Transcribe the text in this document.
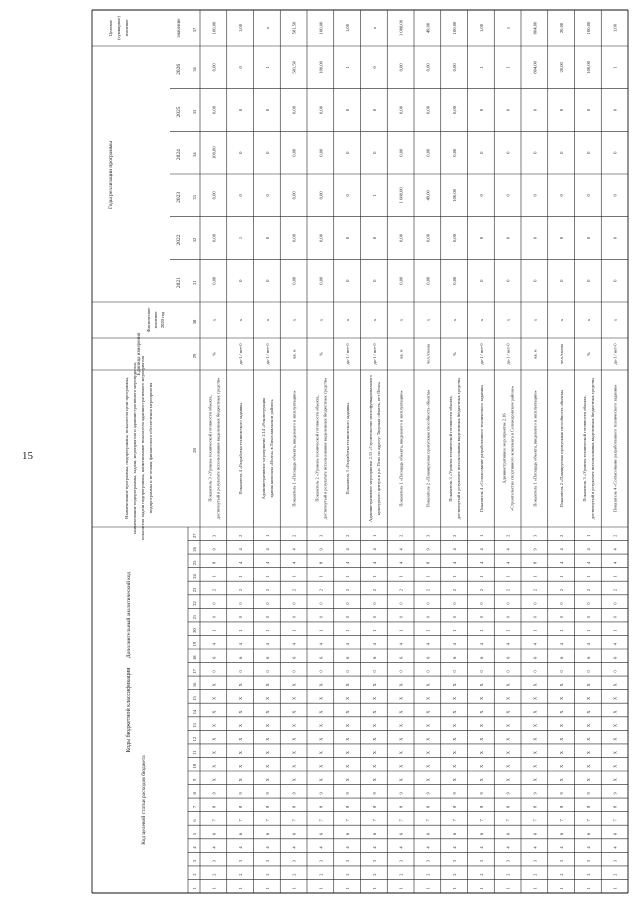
15
Коды бюджетной классификации
Код целевой статьи расходов бюджета
Дополнительный аналитический код
Наименование программы, подпрограммы, показателя цели программы, наименование подпрограммы, задачи, мероприятия и административного мероприятия, показателя задачи подпрограммы, наименование показателя административного мероприятия подпрограммы и источник финансового обеспечения мероприятия
Единица измерения
Фактическое значение 2020 год
Годы реализации программы
2021
2022
2023
2024
2025
2026
Целевое (суммарное) значение	значение
1
2
3
4
5
6
7
8
9
10
11
12
13
14
15
16
17
18
19
20
21
22
23
24
25
26
27
28
29
30
31
32
33
34
35
36
37
Показатель 3 «Уровень технической готовности объекта, достигнутый в результате использования выделенных бюджетных средств»
%
х
0,00
0,00
0,00
100,00
0,00
0,00
100,00
1
2
3
4
6
7
8
9
X
X
X
X
X
X
X
X
0
6
4
1
0
0
2
1
8
9
3
Показатель 4 «Разработка технического задания»
да-1 / нет-0
х
0
1
0
0
0
0
1,00
1
2
3
4
6
7
8
9
X
X
X
X
X
X
X
X
0
6
4
1
0
0
2
1
4
4
2
Административное мероприятие 2.14 «Реконструкция здания кинозала «Волга» в Лихославльском районе»
да-1 / нет-0
х
0
0
0
0
0
1
х
1
2
3
4
6
7
8
9
X
X
X
X
X
X
X
X
0
6
4
1
0
0
2
1
4
4
1
Показатель 1 «Площадь объекта, введенного в эксплуатацию»
кв. м
х
0,00
0,00
0,00
0,00
0,00
581,50
581,50
1
2
3
4
6
7
8
9
X
X
X
X
X
X
X
X
0
6
4
1
0
0
2
1
4
4
2
Показатель 2 «Уровень технической готовности объекта, достигнутый в результате использования выделенных бюджетных средств»
%
х
0,00
0,00
0,00
0,00
0,00
100,00
100,00
1
2
3
4
6
7
8
9
X
X
X
X
X
X
X
X
0
6
4
1
0
0
2
1
8
9
3
Показатель 3 «Разработка технического задания»
да-1 / нет-0
х
0
0
0
0
0
1
1,00
1
2
3
4
6
7
8
9
X
X
X
X
X
X
X
X
0
6
4
1
0
0
2
1
4
4
2
Административное мероприятие 2.15 «Строительство многофункционального культурного центра в р.п. Пено по адресу: Тверская область, пгт Пено»
да-1 / нет-0
х
0
0
1
0
0
0
х
1
2
3
4
6
7
8
9
X
X
X
X
X
X
X
X
0
6
4
1
0
0
2
1
4
4
1
Показатель 1 «Площадь объекта, введенного в эксплуатацию»
кв. м
х
0,00
0,00
1 088,00
0,00
0,00
0,00
1 088,00
1
2
3
4
6
7
8
9
X
X
X
X
X
X
X
X
0
6
4
1
0
0
2
1
4
4
2
Показатель 2 «Планируемая пропускная способность объекта»
чел./смена
х
0,00
0,00
49,00
0,00
0,00
0,00
49,00
1
2
3
4
6
7
8
9
X
X
X
X
X
X
X
X
0
6
4
1
0
0
2
1
8
9
3
Показатель 3 «Уровень технической готовности объекта, достигнутый в результате использования выделенных бюджетных средств»
%
х
0,00
0,00
100,00
0,00
0,00
0,00
100,00
1
2
3
4
6
7
8
9
X
X
X
X
X
X
X
X
0
6
4
1
0
0
2
1
4
4
2
Показатель 4 «Согласование разработанного технического задания»
да-1 / нет-0
х
0
0
0
0
0
1
1,00
1
2
3
4
6
7
8
9
X
X
X
X
X
X
X
X
0
6
4
1
0
0
2
1
4
4
1
Административное мероприятие 2.16 «Строительство спортивного комплекса в Селижаровском районе»
да-1 / нет-0
х
0
0
0
0
0
1
х
1
2
3
4
6
7
8
9
X
X
X
X
X
X
X
X
0
6
4
1
0
0
2
1
4
4
2
Показатель 1 «Площадь объекта, введенного в эксплуатацию»
кв. м
х
0
0
0
0
0
804,00
804,00
1
2
3
4
6
7
8
9
X
X
X
X
X
X
X
X
0
6
4
1
0
0
2
1
8
9
3
Показатель 2 «Планируемая пропускная способность объекта»
чел./смена
х
0
0
0
0
0
20,00
20,00
1
2
3
4
6
7
8
9
X
X
X
X
X
X
X
X
0
6
4
1
0
0
2
1
4
4
2
Показатель 3 «Уровень технической готовности объекта, достигнутый в результате использования выделенных бюджетных средств»
%
х
0
0
0
0
0
100,00
100,00
1
2
3
4
6
7
8
9
X
X
X
X
X
X
X
X
0
6
4
1
0
0
2
1
4
4
1
Показатель 4 «Согласование разработанного технического задания»
да-1 / нет-0
х
0
0
0
0
0
1
1,00
1
2
3
4
6
7
8
9
X
X
X
X
X
X
X
X
0
6
4
1
0
0
2
1
4
4
2
